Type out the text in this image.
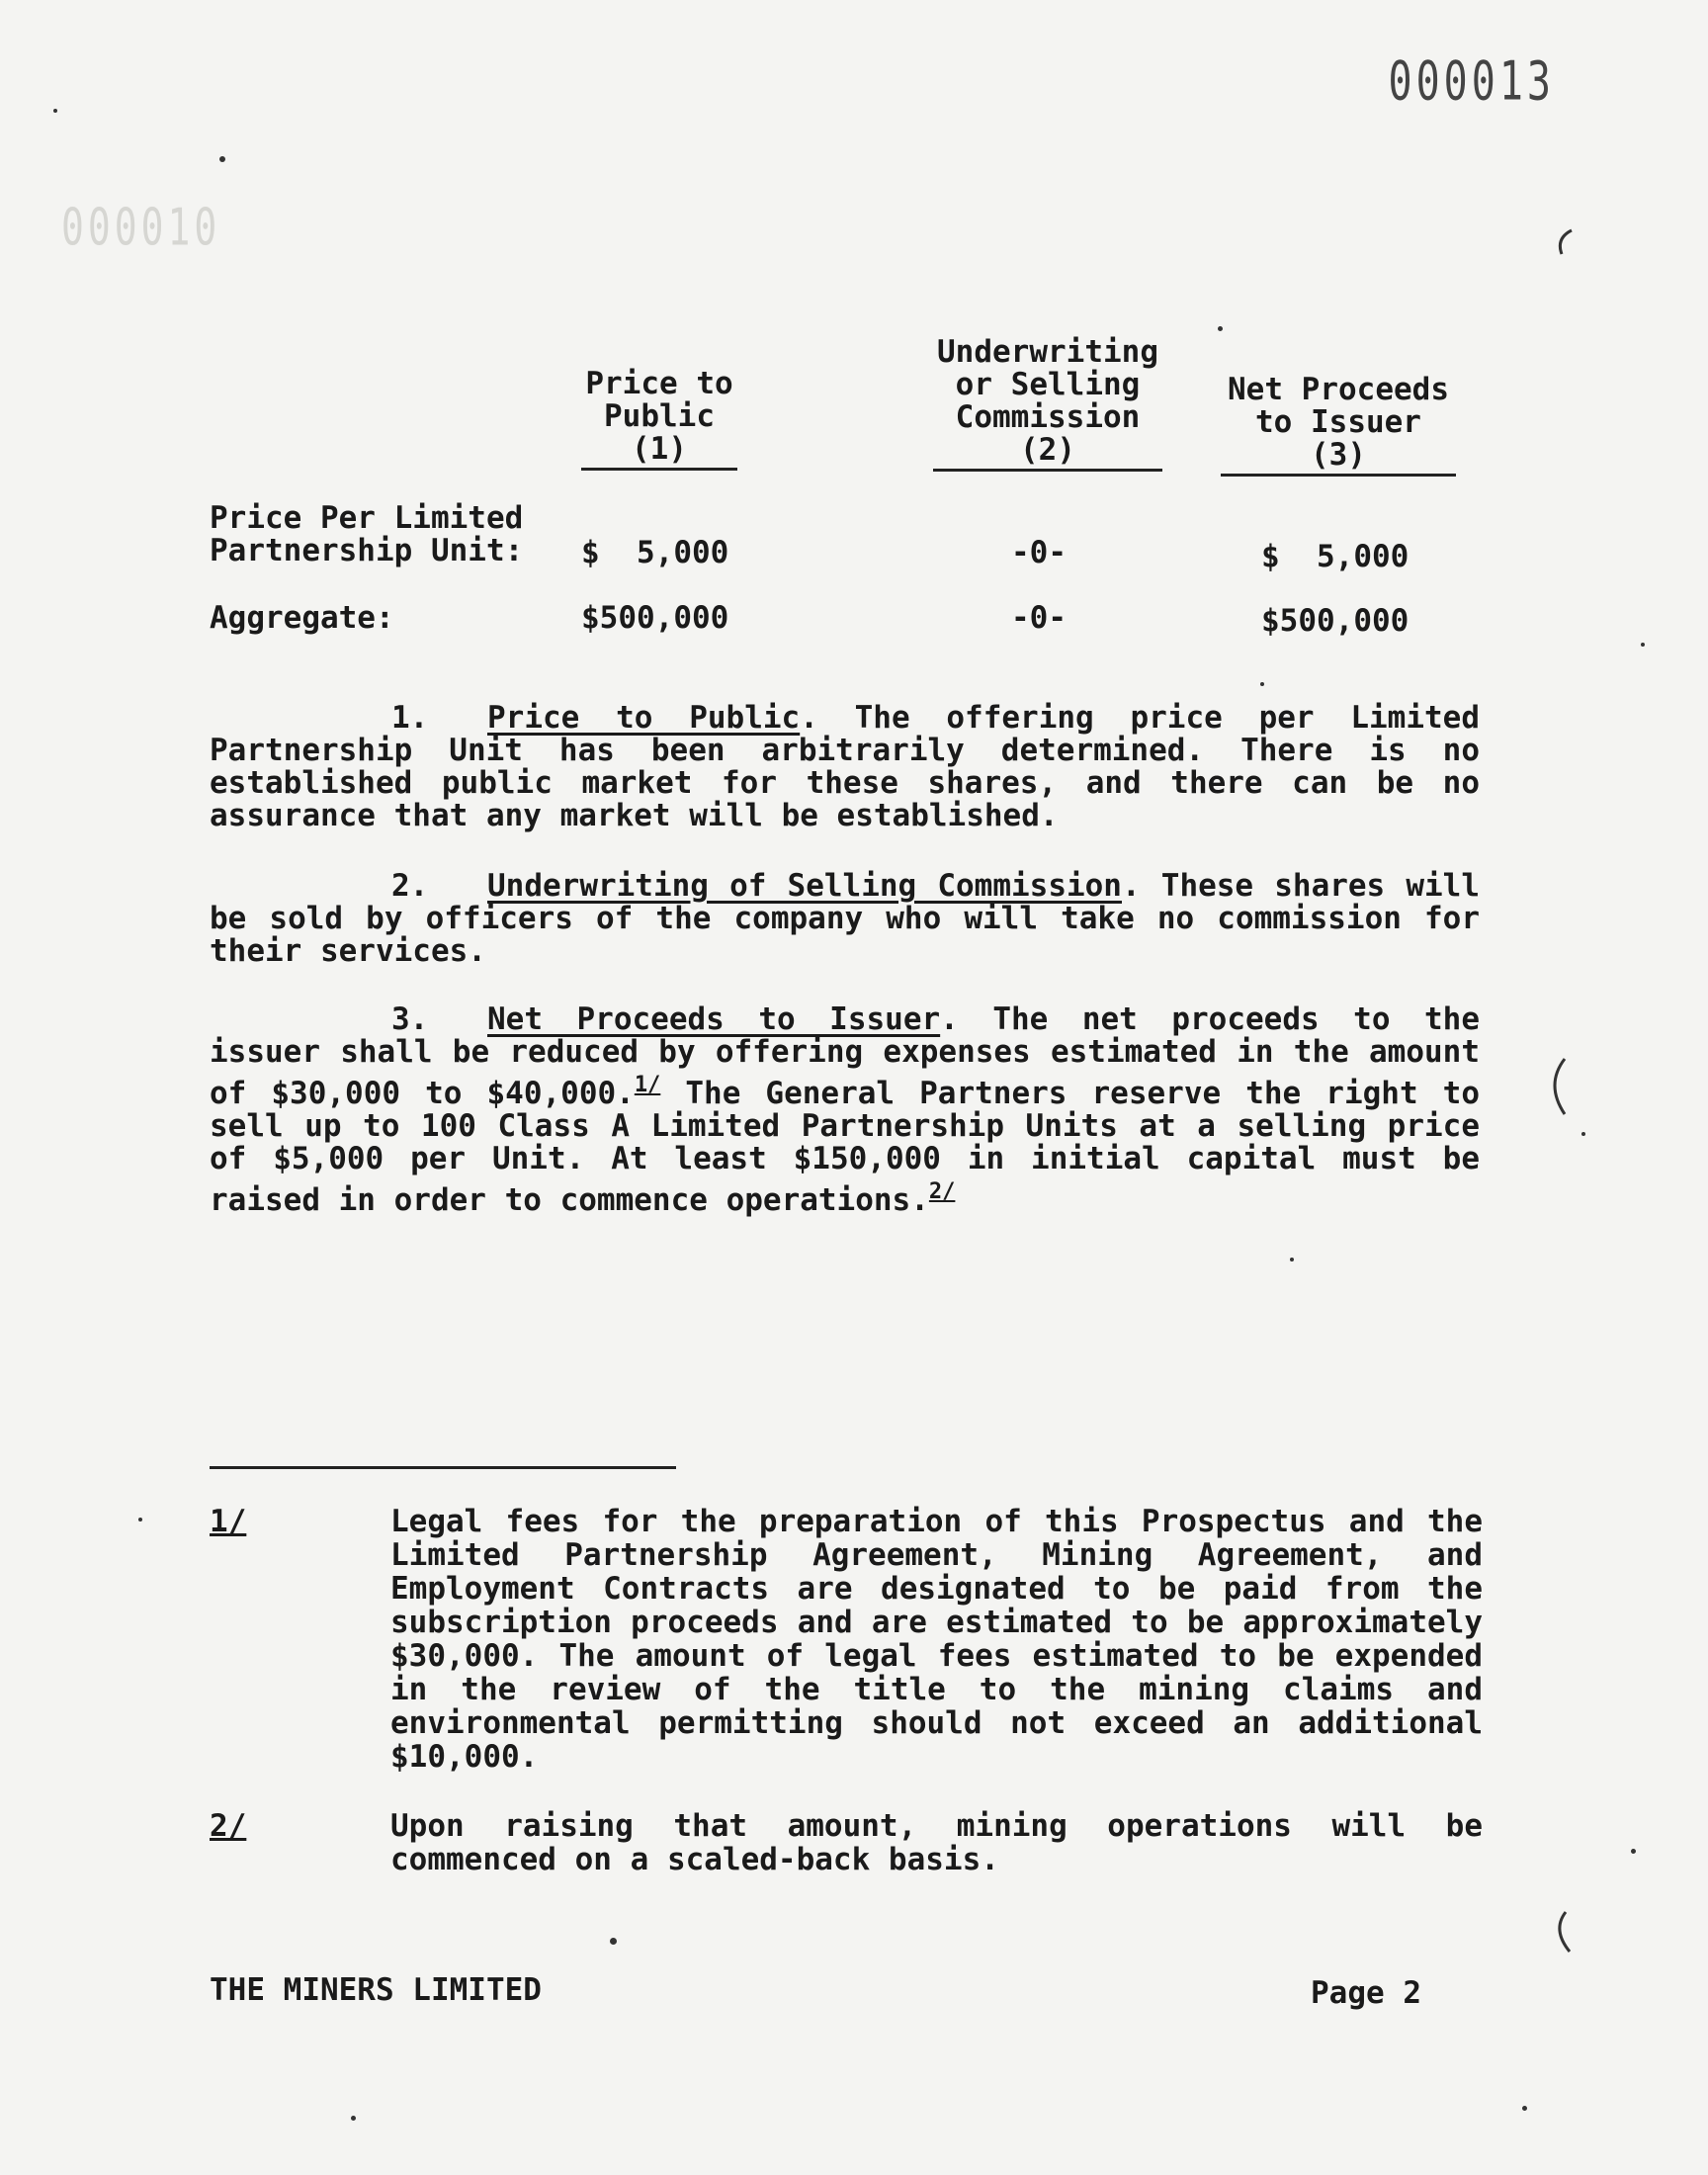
000010
000013
Price to
Public
(1)
Underwriting
or Selling
Commission
(2)
Net Proceeds
to Issuer
(3)
Price Per Limited
Partnership Unit: $  5,000	-0-	$  5,000
Aggregate:	$500,000	-0-	$500,000
1. Price to Public. The offering price per Limited Partnership Unit has been arbitrarily determined. There is no established public market for these shares, and there can be no assurance that any market will be established.
2. Underwriting of Selling Commission. These shares will be sold by officers of the company who will take no commission for their services.
3. Net Proceeds to Issuer. The net proceeds to the issuer shall be reduced by offering expenses estimated in the amount of $30,000 to $40,000.$^{1/}$ The General Partners reserve the right to sell up to 100 Class A Limited Partnership Units at a selling price of $5,000 per Unit. At least $150,000 in initial capital must be raised in order to commence operations.$^{2/}$
1/	Legal fees for the preparation of this Prospectus and the Limited Partnership Agreement, Mining Agreement, and Employment Contracts are designated to be paid from the subscription proceeds and are estimated to be approximately $30,000. The amount of legal fees estimated to be expended in the review of the title to the mining claims and environmental permitting should not exceed an additional $10,000.
2/	Upon raising that amount, mining operations will be commenced on a scaled-back basis.
THE MINERS LIMITED	Page 2
